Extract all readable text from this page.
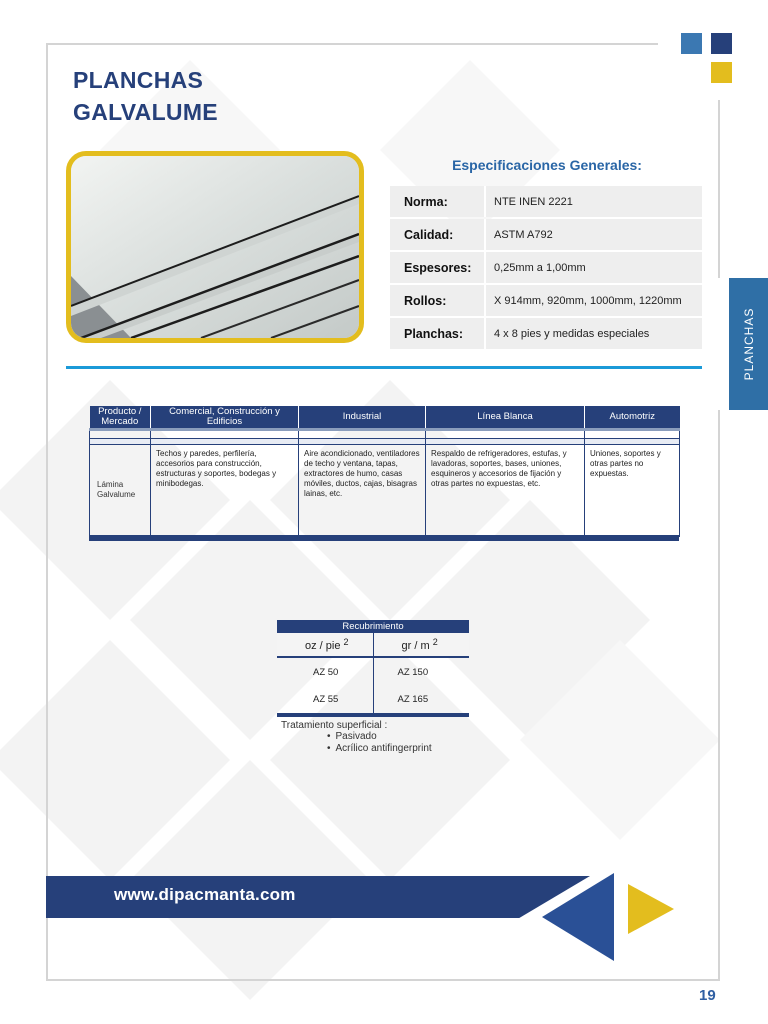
PLANCHAS
GALVALUME
Especificaciones Generales:
Norma:	NTE INEN 2221
Calidad:	ASTM A792
Espesores:	0,25mm a 1,00mm
Rollos:	X 914mm, 920mm, 1000mm, 1220mm
Planchas:	4 x 8 pies y medidas especiales	PLANCHAS
Producto / Mercado	Comercial, Construcción y Edificios	Industrial	Línea Blanca	Automotriz

Lámina Galvalume	Techos y paredes, perfilería, accesorios para construcción, estructuras y soportes, bodegas y minibodegas.	Aire acondicionado, ventiladores de techo y ventana, tapas, extractores de humo, casas móviles, ductos, cajas, bisagras lainas, etc.	Respaldo de refrigeradores, estufas, y lavadoras, soportes, bases, uniones, esquineros y accesorios de fijación y otras partes no expuestas, etc.	Uniones, soportes y otras partes no expuestas.
Recubrimiento	
oz / pie $^2$	gr / m $^2$
AZ 50	AZ 150
AZ 55	AZ 165
Tratamiento superficial :
• Pasivado
• Acrílico antifingerprint
www.dipacmanta.com
19
